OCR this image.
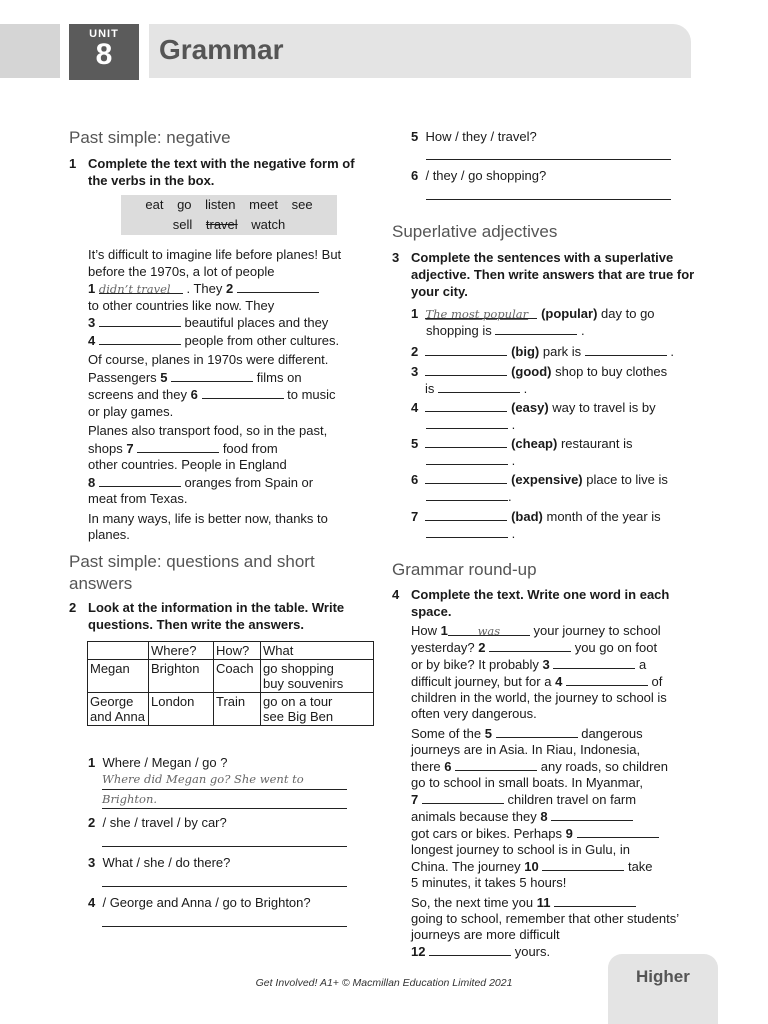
UNIT
8	Grammar
Past simple: negative
1 Complete the text with the negative form of the verbs in the box.
eat go listen meet see
sell travel watch
It’s difficult to imagine life before planes! But before the 1970s, a lot of people
1 didn’t travel . They 2
to other countries like now. They
3	beautiful places and they
4	people from other cultures.
Of course, planes in 1970s were different. Passengers 5	films on
screens and they 6	to music
or play games.
Planes also transport food, so in the past, shops 7	food from
other countries. People in England
8	oranges from Spain or
meat from Texas.
In many ways, life is better now, thanks to planes.
Past simple: questions and short answers
2 Look at the information in the table. Write questions. Then write the answers.
	Where?	How?	What
Megan	Brighton	Coach	go shopping
buy souvenirs

George and Anna	London	Train	go on a tour
see Big Ben
1 Where / Megan / go ?
Where did Megan go? She went to
Brighton.
2 / she / travel / by car?
3 What / she / do there?
4 / George and Anna / go to Brighton?
5 How / they / travel?
6 / they / go shopping?
Superlative adjectives
3 Complete the sentences with a superlative adjective. Then write answers that are true for your city.
1 The most popular (popular) day to go
shopping is	.
2	(big) park is	.
3	(good) shop to buy clothes
is	.
4	(easy) way to travel is by
.
5	(cheap) restaurant is
.
6	(expensive) place to live is
.
7	(bad) month of the year is
.
Grammar round-up
4 Complete the text. Write one word in each space.
How 1	was	your journey to school
yesterday? 2	you go on foot
or by bike? It probably 3	a
difficult journey, but for a 4	of
children in the world, the journey to school is often very dangerous.
Some of the 5	dangerous
journeys are in Asia. In Riau, Indonesia,
there 6	any roads, so children
go to school in small boats. In Myanmar,
7	children travel on farm
animals because they 8
got cars or bikes. Perhaps 9
longest journey to school is in Gulu, in
China. The journey 10	take
5 minutes, it takes 5 hours!
So, the next time you 11
going to school, remember that other students’ journeys are more difficult
12	yours.
Get Involved! A1+ © Macmillan Education Limited 2021	Higher
